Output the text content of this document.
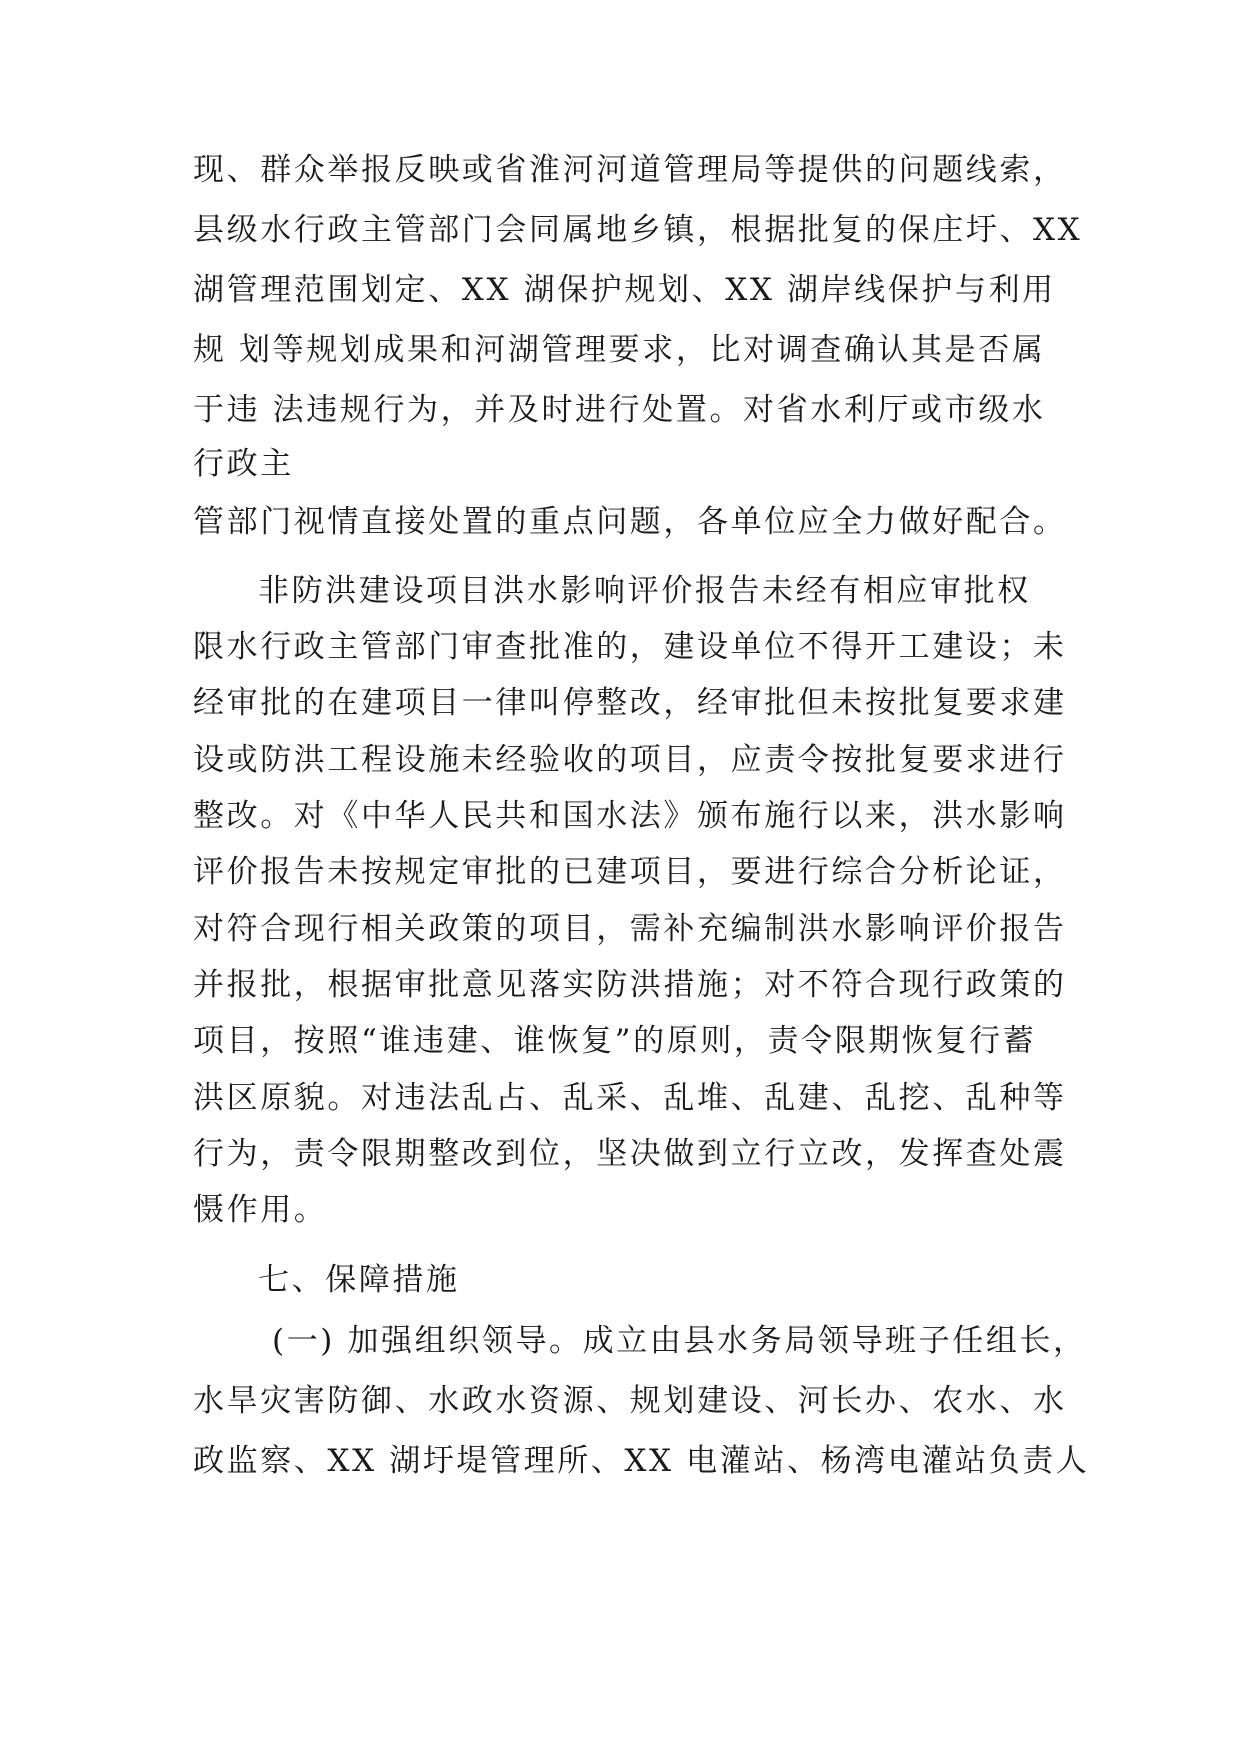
现、群众举报反映或省淮河河道管理局等提供的问题线索，
县级水行政主管部门会同属地乡镇，根据批复的保庄圩、XX
湖管理范围划定、XX 湖保护规划、XX 湖岸线保护与利用
规 划等规划成果和河湖管理要求，比对调查确认其是否属
于违 法违规行为，并及时进行处置。对省水利厅或市级水
行政主
管部门视情直接处置的重点问题，各单位应全力做好配合。
非防洪建设项目洪水影响评价报告未经有相应审批权
限水行政主管部门审查批准的，建设单位不得开工建设；未
经审批的在建项目一律叫停整改，经审批但未按批复要求建
设或防洪工程设施未经验收的项目，应责令按批复要求进行
整改。对《中华人民共和国水法》颁布施行以来，洪水影响
评价报告未按规定审批的已建项目，要进行综合分析论证，
对符合现行相关政策的项目，需补充编制洪水影响评价报告
并报批，根据审批意见落实防洪措施；对不符合现行政策的
项目，按照“谁违建、谁恢复”的原则，责令限期恢复行蓄
洪区原貌。对违法乱占、乱采、乱堆、乱建、乱挖、乱种等
行为，责令限期整改到位，坚决做到立行立改，发挥查处震
慑作用。
七、保障措施
(一) 加强组织领导。成立由县水务局领导班子任组长，
水旱灾害防御、水政水资源、规划建设、河长办、农水、水
政监察、XX 湖圩堤管理所、XX 电灌站、杨湾电灌站负责人
